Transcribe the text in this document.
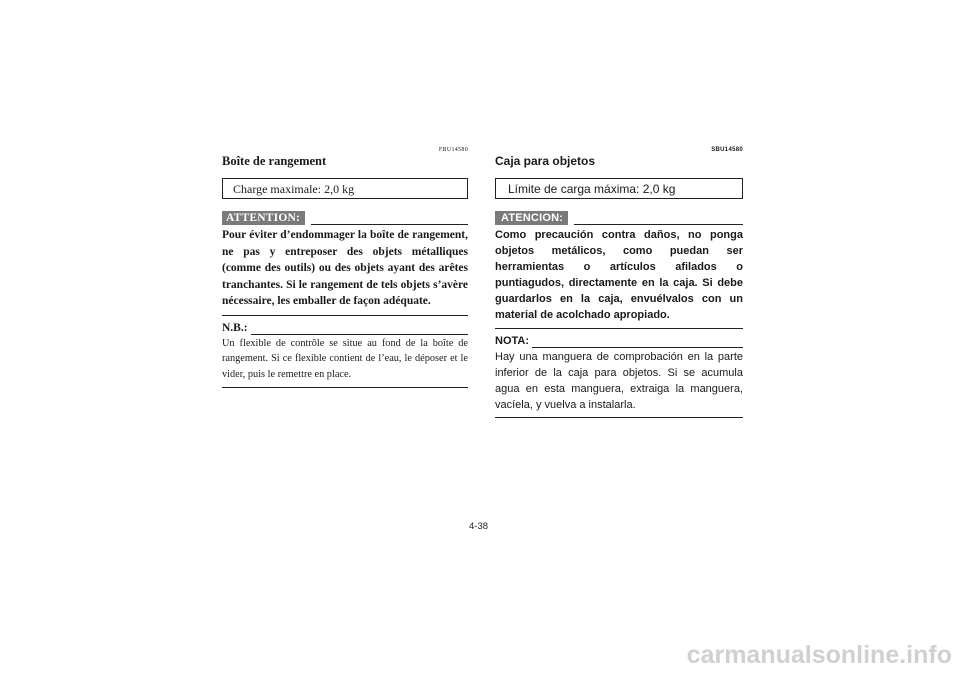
FBU14580
Boîte de rangement
Charge maximale: 2,0 kg
ATTENTION:
Pour éviter d’endommager la boîte de rangement, ne pas y entreposer des objets métalliques (comme des outils) ou des objets ayant des arêtes tranchantes. Si le rangement de tels objets s’avère nécessaire, les emballer de façon adéquate.
N.B.:
Un flexible de contrôle se situe au fond de la boîte de rangement. Si ce flexible contient de l’eau, le déposer et le vider, puis le remettre en place.
SBU14580
Caja para objetos
Límite de carga máxima: 2,0 kg
ATENCION:
Como precaución contra daños, no ponga objetos metálicos, como puedan ser herramientas o artículos afilados o puntiagudos, directamente en la caja. Si debe guardarlos en la caja, envuélvalos con un material de acolchado apropiado.
NOTA:
Hay una manguera de comprobación en la parte inferior de la caja para objetos. Si se acumula agua en esta manguera, extraiga la manguera, vacíela, y vuelva a instalarla.
4-38
carmanualsonline.info
